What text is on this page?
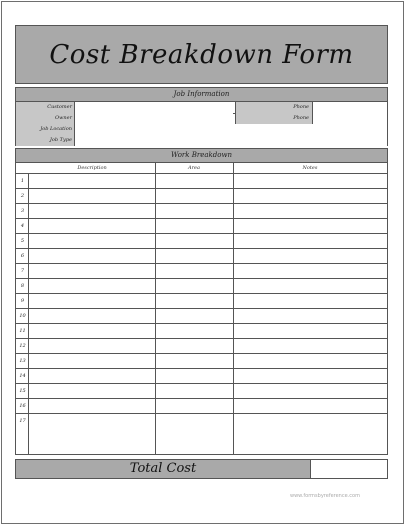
Cost Breakdown Form
Job Information
Customer	Phone
Owner	Phone
Job Location
Job Type
Work Breakdown
Description	Area	Notes
1
2
3
4
5
6
7
8
9
10
11
12
13
14
15
16
17
Total Cost
www.formsbyreference.com
